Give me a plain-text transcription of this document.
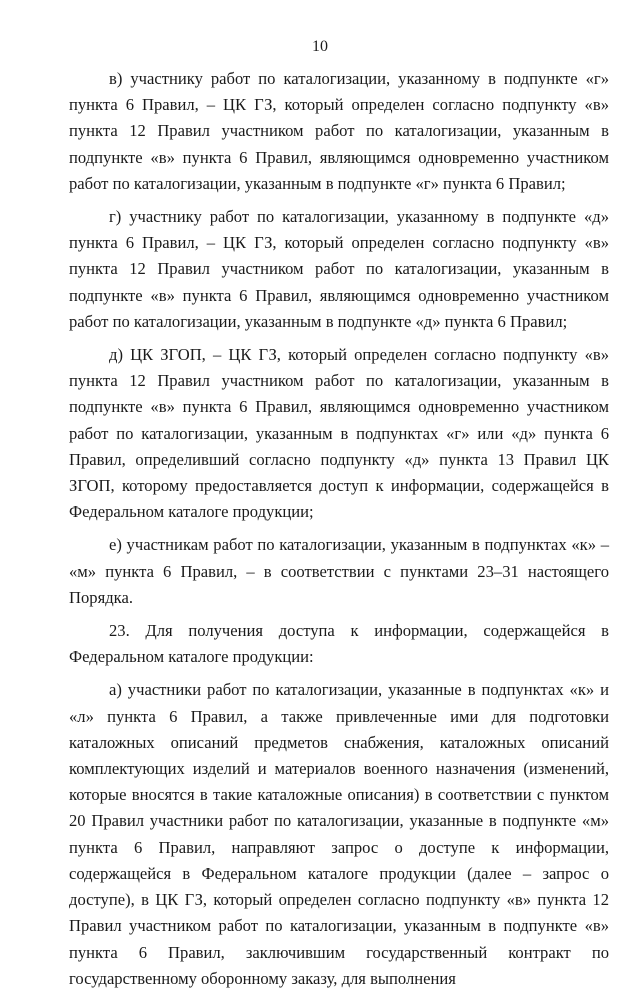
10

в) участнику работ по каталогизации, указанному в подпункте «г» пункта 6 Правил, – ЦК ГЗ, который определен согласно подпункту «в» пункта 12 Правил участником работ по каталогизации, указанным в подпункте «в» пункта 6 Правил, являющимся одновременно участником работ по каталогизации, указанным в подпункте «г» пункта 6 Правил;

г) участнику работ по каталогизации, указанному в подпункте «д» пункта 6 Правил, – ЦК ГЗ, который определен согласно подпункту «в» пункта 12 Правил участником работ по каталогизации, указанным в подпункте «в» пункта 6 Правил, являющимся одновременно участником работ по каталогизации, указанным в подпункте «д» пункта 6 Правил;

д) ЦК ЗГОП, – ЦК ГЗ, который определен согласно подпункту «в» пункта 12 Правил участником работ по каталогизации, указанным в подпункте «в» пункта 6 Правил, являющимся одновременно участником работ по каталогизации, указанным в подпунктах «г» или «д» пункта 6 Правил, определивший согласно подпункту «д» пункта 13 Правил ЦК ЗГОП, которому предоставляется доступ к информации, содержащейся в Федеральном каталоге продукции;

е) участникам работ по каталогизации, указанным в подпунктах «к» – «м» пункта 6 Правил, – в соответствии с пунктами 23–31 настоящего Порядка.

23. Для получения доступа к информации, содержащейся в Федеральном каталоге продукции:

а) участники работ по каталогизации, указанные в подпунктах «к» и «л» пункта 6 Правил, а также привлеченные ими для подготовки каталожных описаний предметов снабжения, каталожных описаний комплектующих изделий и материалов военного назначения (изменений, которые вносятся в такие каталожные описания) в соответствии с пунктом 20 Правил участники работ по каталогизации, указанные в подпункте «м» пункта 6 Правил, направляют запрос о доступе к информации, содержащейся в Федеральном каталоге продукции (далее – запрос о доступе), в ЦК ГЗ, который определен согласно подпункту «в» пункта 12 Правил участником работ по каталогизации, указанным в подпункте «в» пункта 6 Правил, заключившим государственный контракт по государственному оборонному заказу, для выполнения
